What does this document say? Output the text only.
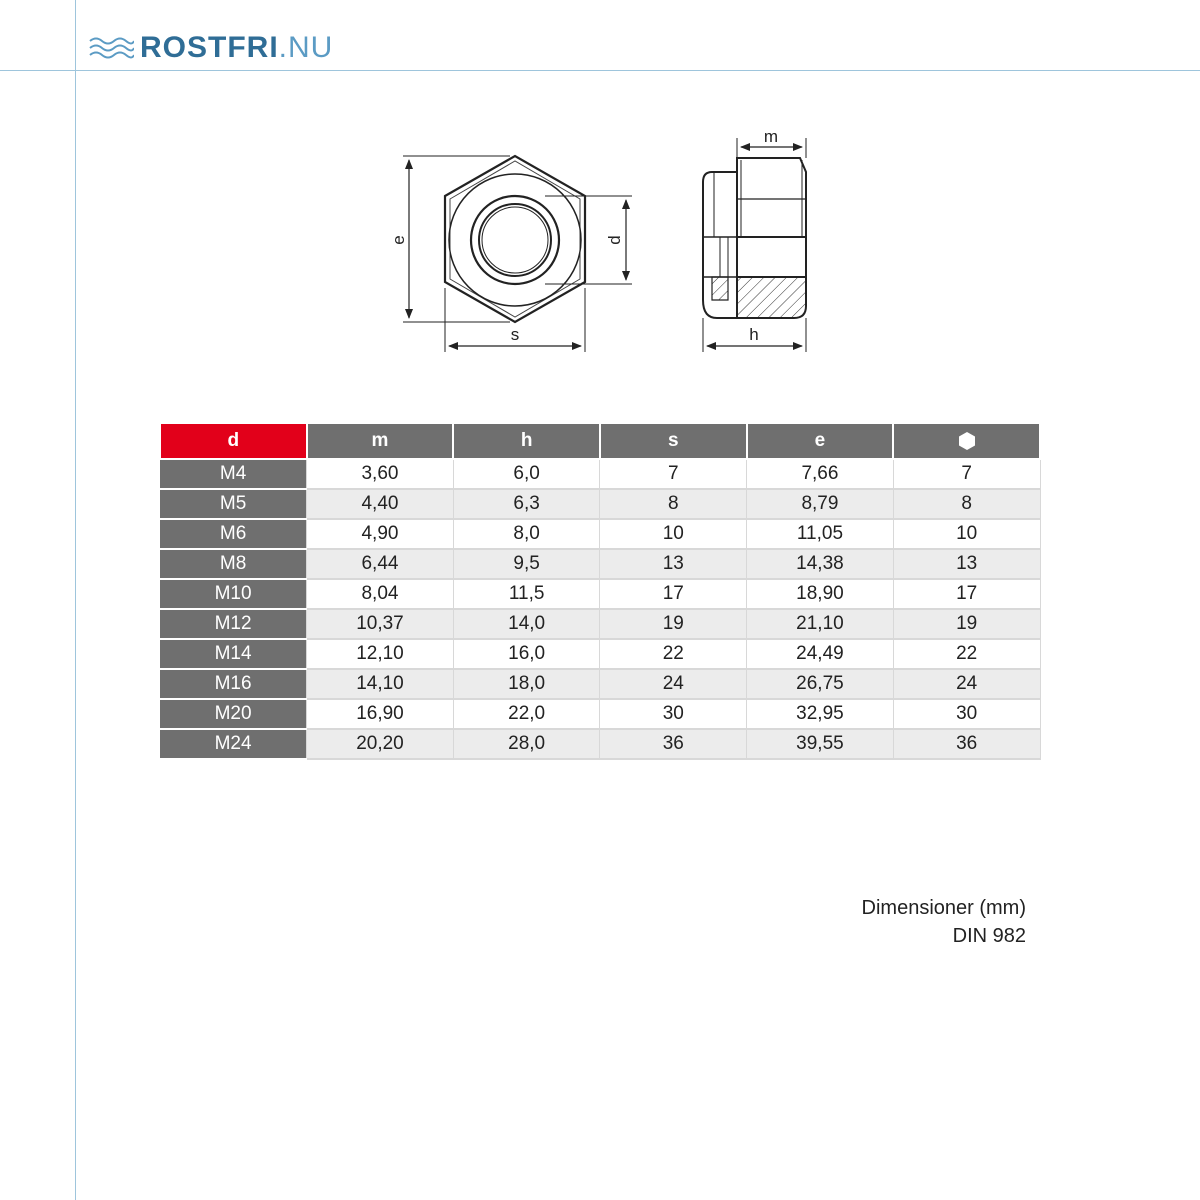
ROSTFRI.NU
e
s
d
m
h
d	m	h	s	e	
M4	3,60	6,0	7	7,66	7
M5	4,40	6,3	8	8,79	8
M6	4,90	8,0	10	11,05	10
M8	6,44	9,5	13	14,38	13
M10	8,04	11,5	17	18,90	17
M12	10,37	14,0	19	21,10	19
M14	12,10	16,0	22	24,49	22
M16	14,10	18,0	24	26,75	24
M20	16,90	22,0	30	32,95	30
M24	20,20	28,0	36	39,55	36
Dimensioner (mm)
DIN 982
